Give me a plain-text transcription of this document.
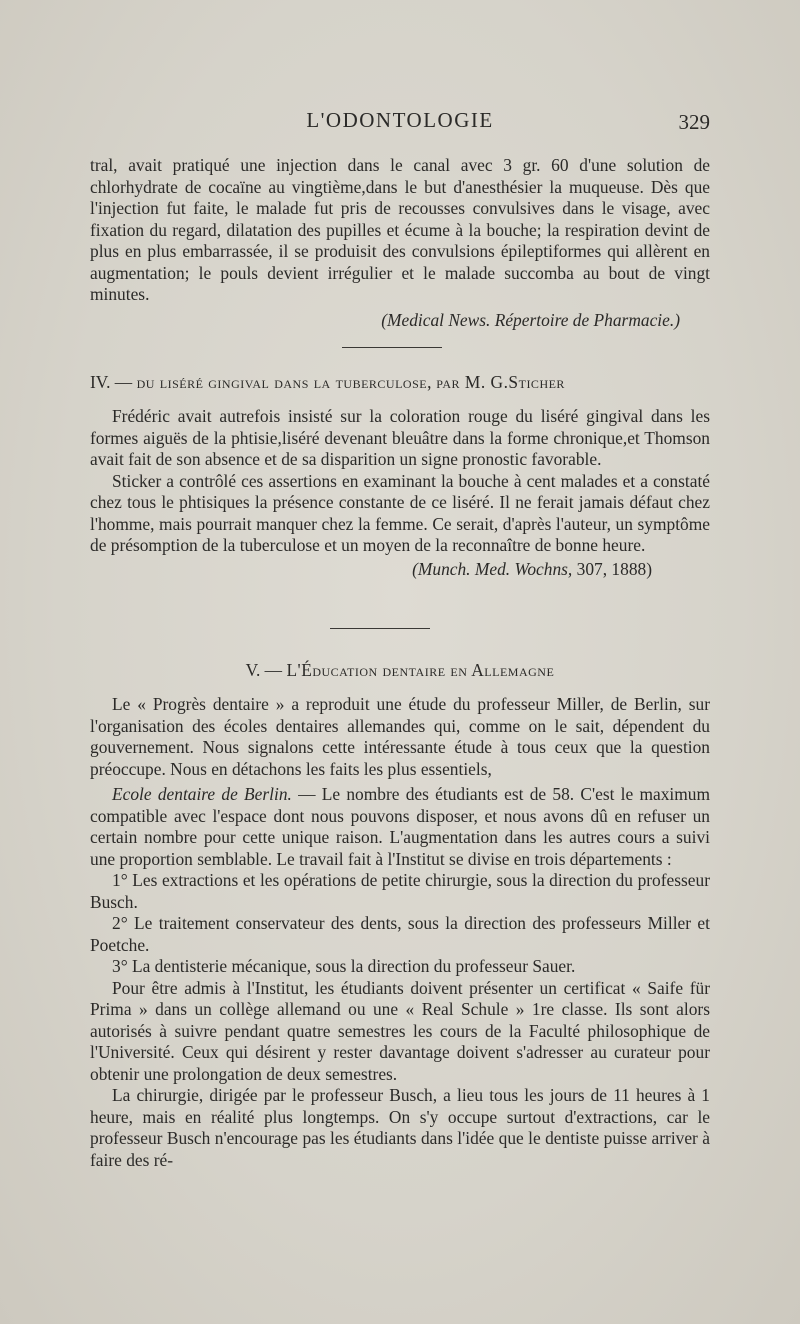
L'ODONTOLOGIE	329

tral, avait pratiqué une injection dans le canal avec 3 gr. 60 d'une solution de chlorhydrate de cocaïne au vingtième,dans le but d'anesthésier la muqueuse. Dès que l'injection fut faite, le malade fut pris de recousses convulsives dans le visage, avec fixation du regard, dilatation des pupilles et écume à la bouche; la respiration devint de plus en plus embarrassée, il se produisit des convulsions épileptiformes qui allèrent en augmentation; le pouls devient irrégulier et le malade succomba au bout de vingt minutes.

(Medical News. Répertoire de Pharmacie.)

IV. — du liséré gingival dans la tuberculose, par M. G.Sticher

Frédéric avait autrefois insisté sur la coloration rouge du liséré gingival dans les formes aiguës de la phtisie,liséré devenant bleuâtre dans la forme chronique,et Thomson avait fait de son absence et de sa disparition un signe pronostic favorable.

Sticker a contrôlé ces assertions en examinant la bouche à cent malades et a constaté chez tous le phtisiques la présence constante de ce liséré. Il ne ferait jamais défaut chez l'homme, mais pourrait manquer chez la femme. Ce serait, d'après l'auteur, un symptôme de présomption de la tuberculose et un moyen de la reconnaître de bonne heure.

(Munch. Med. Wochns, 307, 1888)

V. — L'Éducation dentaire en Allemagne

Le « Progrès dentaire » a reproduit une étude du professeur Miller, de Berlin, sur l'organisation des écoles dentaires allemandes qui, comme on le sait, dépendent du gouvernement. Nous signalons cette intéressante étude à tous ceux que la question préoccupe. Nous en détachons les faits les plus essentiels,

Ecole dentaire de Berlin. — Le nombre des étudiants est de 58. C'est le maximum compatible avec l'espace dont nous pouvons disposer, et nous avons dû en refuser un certain nombre pour cette unique raison. L'augmentation dans les autres cours a suivi une proportion semblable. Le travail fait à l'Institut se divise en trois départements :

1° Les extractions et les opérations de petite chirurgie, sous la direction du professeur Busch.

2° Le traitement conservateur des dents, sous la direction des professeurs Miller et Poetche.

3° La dentisterie mécanique, sous la direction du professeur Sauer.

Pour être admis à l'Institut, les étudiants doivent présenter un certificat « Saife für Prima » dans un collège allemand ou une « Real Schule » 1re classe. Ils sont alors autorisés à suivre pendant quatre semestres les cours de la Faculté philosophique de l'Université. Ceux qui désirent y rester davantage doivent s'adresser au curateur pour obtenir une prolongation de deux semestres.

La chirurgie, dirigée par le professeur Busch, a lieu tous les jours de 11 heures à 1 heure, mais en réalité plus longtemps. On s'y occupe surtout d'extractions, car le professeur Busch n'encourage pas les étudiants dans l'idée que le dentiste puisse arriver à faire des ré-
